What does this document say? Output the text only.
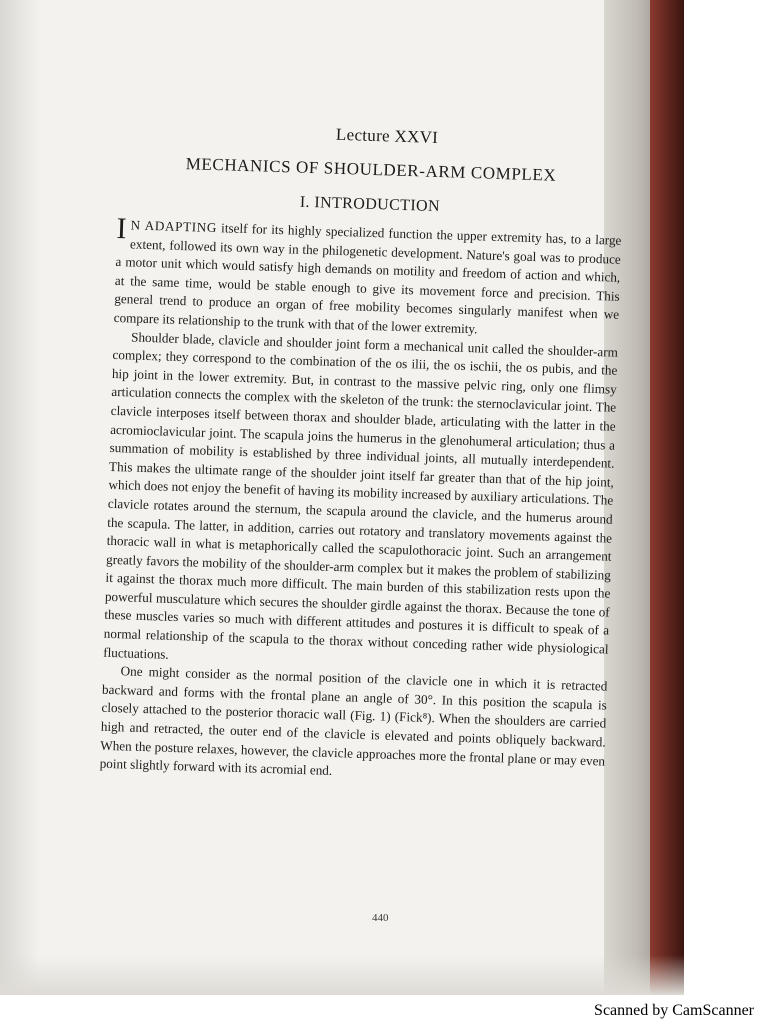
Lecture XXVI
MECHANICS OF SHOULDER-ARM COMPLEX
I. INTRODUCTION

I N ADAPTING itself for its highly specialized function the upper extremity has, to a large extent, followed its own way in the philogenetic development. Nature's goal was to produce a motor unit which would satisfy high demands on motility and freedom of action and which, at the same time, would be stable enough to give its movement force and precision. This general trend to produce an organ of free mobility becomes singularly manifest when we compare its relationship to the trunk with that of the lower extremity.

Shoulder blade, clavicle and shoulder joint form a mechanical unit called the shoulder-arm complex; they correspond to the combination of the os ilii, the os ischii, the os pubis, and the hip joint in the lower extremity. But, in contrast to the massive pelvic ring, only one flimsy articulation connects the complex with the skeleton of the trunk: the sternoclavicular joint. The clavicle interposes itself between thorax and shoulder blade, articulating with the latter in the acromioclavicular joint. The scapula joins the humerus in the glenohumeral articulation; thus a summation of mobility is established by three individual joints, all mutually interdependent. This makes the ultimate range of the shoulder joint itself far greater than that of the hip joint, which does not enjoy the benefit of having its mobility increased by auxiliary articulations. The clavicle rotates around the sternum, the scapula around the clavicle, and the humerus around the scapula. The latter, in addition, carries out rotatory and translatory movements against the thoracic wall in what is metaphorically called the scapulothoracic joint. Such an arrangement greatly favors the mobility of the shoulder-arm complex but it makes the problem of stabilizing it against the thorax much more difficult. The main burden of this stabilization rests upon the powerful musculature which secures the shoulder girdle against the thorax. Because the tone of these muscles varies so much with different attitudes and postures it is difficult to speak of a normal relationship of the scapula to the thorax without conceding rather wide physiological fluctuations.

One might consider as the normal position of the clavicle one in which it is retracted backward and forms with the frontal plane an angle of 30°. In this position the scapula is closely attached to the posterior thoracic wall (Fig. 1) (Fick⁸). When the shoulders are carried high and retracted, the outer end of the clavicle is elevated and points obliquely backward. When the posture relaxes, however, the clavicle approaches more the frontal plane or may even point slightly forward with its acromial end.

440
Scanned by CamScanner
